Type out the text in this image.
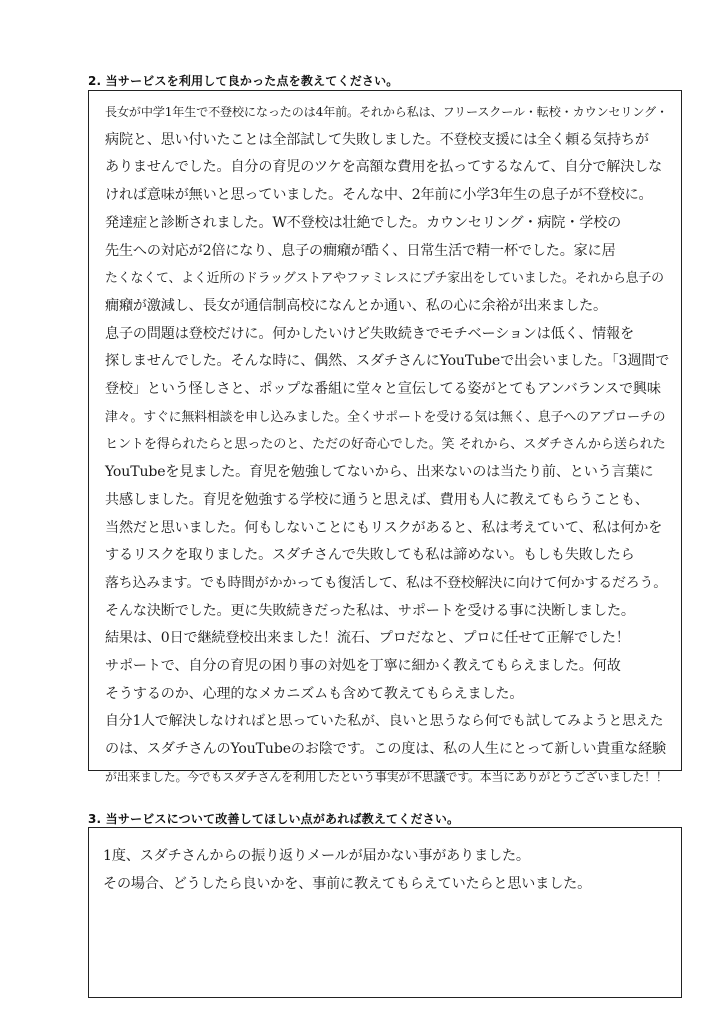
2. 当サービスを利用して良かった点を教えてください。
長女が中学1年生で不登校になったのは4年前。それから私は、フリースクール・転校・カウンセリング・
病院と、思い付いたことは全部試して失敗しました。不登校支援には全く頼る気持ちが
ありませんでした。自分の育児のツケを高額な費用を払ってするなんて、自分で解決しな
ければ意味が無いと思っていました。そんな中、2年前に小学3年生の息子が不登校に。
発達症と診断されました。W不登校は壮絶でした。カウンセリング・病院・学校の
先生への対応が2倍になり、息子の癇癪が酷く、日常生活で精一杯でした。家に居
たくなくて、よく近所のドラッグストアやファミレスにプチ家出をしていました。それから息子の
癇癪が激減し、長女が通信制高校になんとか通い、私の心に余裕が出来ました。
息子の問題は登校だけに。何かしたいけど失敗続きでモチベーションは低く、情報を
探しませんでした。そんな時に、偶然、スダチさんにYouTubeで出会いました。「3週間で
登校」という怪しさと、ポップな番組に堂々と宣伝してる姿がとてもアンバランスで興味
津々。すぐに無料相談を申し込みました。全くサポートを受ける気は無く、息子へのアプローチの
ヒントを得られたらと思ったのと、ただの好奇心でした。笑 それから、スダチさんから送られた
YouTubeを見ました。育児を勉強してないから、出来ないのは当たり前、という言葉に
共感しました。育児を勉強する学校に通うと思えば、費用も人に教えてもらうことも、
当然だと思いました。何もしないことにもリスクがあると、私は考えていて、私は何かを
するリスクを取りました。スダチさんで失敗しても私は諦めない。もしも失敗したら
落ち込みます。でも時間がかかっても復活して、私は不登校解決に向けて何かするだろう。
そんな決断でした。更に失敗続きだった私は、サポートを受ける事に決断しました。
結果は、0日で継続登校出来ました！流石、プロだなと、プロに任せて正解でした！
サポートで、自分の育児の困り事の対処を丁寧に細かく教えてもらえました。何故
そうするのか、心理的なメカニズムも含めて教えてもらえました。
自分1人で解決しなければと思っていた私が、良いと思うなら何でも試してみようと思えた
のは、スダチさんのYouTubeのお陰です。この度は、私の人生にとって新しい貴重な経験
が出来ました。今でもスダチさんを利用したという事実が不思議です。本当にありがとうございました！！
3. 当サービスについて改善してほしい点があれば教えてください。
1度、スダチさんからの振り返りメールが届かない事がありました。
その場合、どうしたら良いかを、事前に教えてもらえていたらと思いました。
